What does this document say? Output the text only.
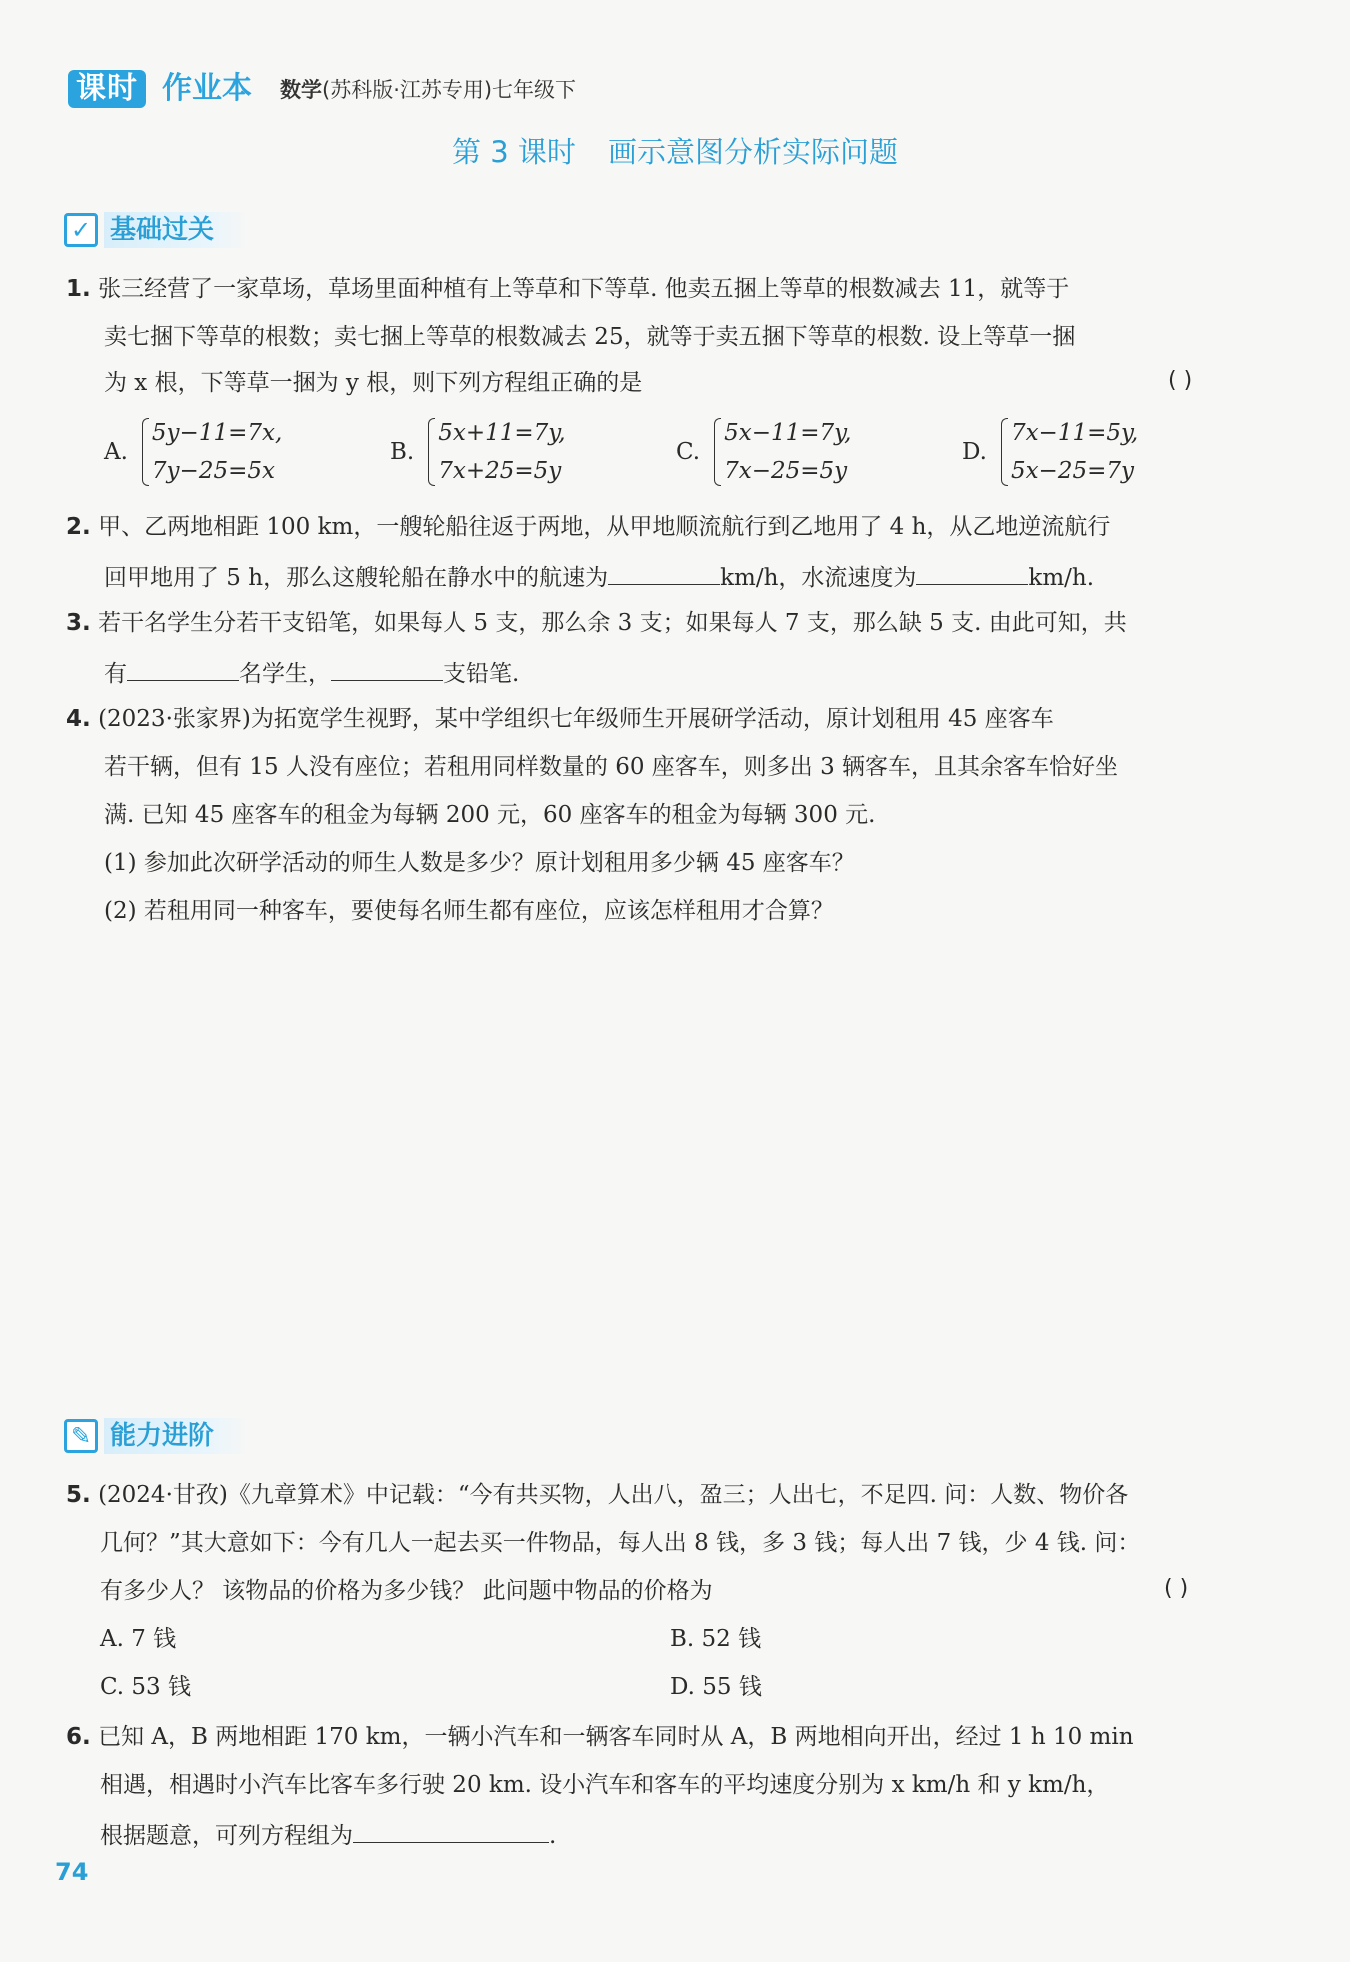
课时 作业本 数学(苏科版·江苏专用)七年级下
第 3 课时 画示意图分析实际问题
✓ 基础过关
1. 张三经营了一家草场，草场里面种植有上等草和下等草. 他卖五捆上等草的根数减去 11，就等于
卖七捆下等草的根数；卖七捆上等草的根数减去 25，就等于卖五捆下等草的根数. 设上等草一捆
为 x 根，下等草一捆为 y 根，则下列方程组正确的是	( )
A.
5y−11=7x,
7y−25=5x
B.
5x+11=7y,
7x+25=5y
C.
5x−11=7y,
7x−25=5y
D.
7x−11=5y,
5x−25=7y
2. 甲、乙两地相距 100 km，一艘轮船往返于两地，从甲地顺流航行到乙地用了 4 h，从乙地逆流航行
回甲地用了 5 h，那么这艘轮船在静水中的航速为	km/h，水流速度为	km/h.
3. 若干名学生分若干支铅笔，如果每人 5 支，那么余 3 支；如果每人 7 支，那么缺 5 支. 由此可知，共
有	名学生，	支铅笔.
4. (2023·张家界)为拓宽学生视野，某中学组织七年级师生开展研学活动，原计划租用 45 座客车
若干辆，但有 15 人没有座位；若租用同样数量的 60 座客车，则多出 3 辆客车，且其余客车恰好坐
满. 已知 45 座客车的租金为每辆 200 元，60 座客车的租金为每辆 300 元.
(1) 参加此次研学活动的师生人数是多少？原计划租用多少辆 45 座客车？
(2) 若租用同一种客车，要使每名师生都有座位，应该怎样租用才合算？
✎ 能力进阶
5. (2024·甘孜)《九章算术》中记载：“今有共买物，人出八，盈三；人出七，不足四. 问：人数、物价各
几何？”其大意如下：今有几人一起去买一件物品，每人出 8 钱，多 3 钱；每人出 7 钱，少 4 钱. 问：
有多少人？ 该物品的价格为多少钱？ 此问题中物品的价格为	( )
A. 7 钱	B. 52 钱
C. 53 钱	D. 55 钱
6. 已知 A，B 两地相距 170 km，一辆小汽车和一辆客车同时从 A，B 两地相向开出，经过 1 h 10 min
相遇，相遇时小汽车比客车多行驶 20 km. 设小汽车和客车的平均速度分别为 x km/h 和 y km/h，
根据题意，可列方程组为	.
74
